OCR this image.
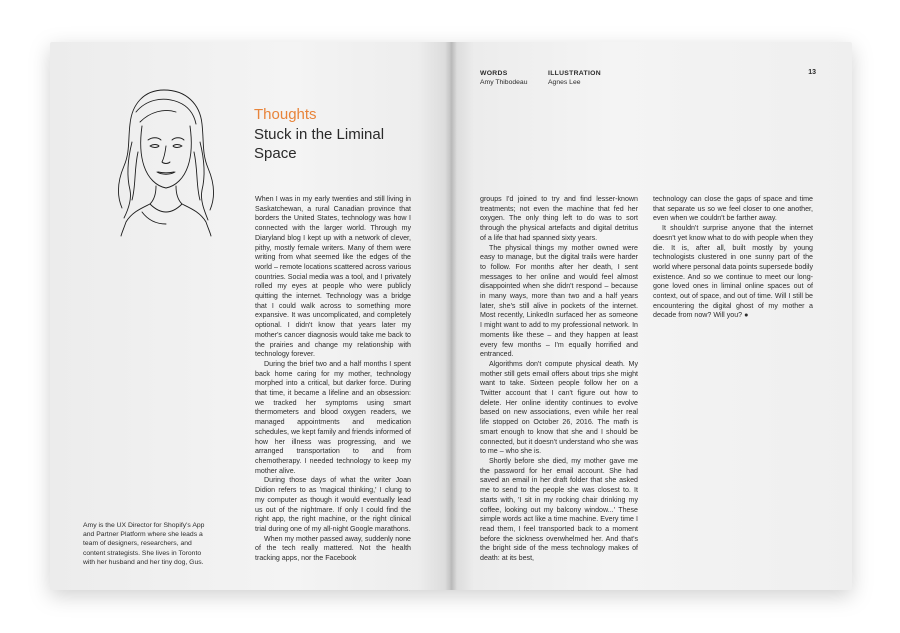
Thoughts
Stuck in the Liminal Space

When I was in my early twenties and still living in Saskatchewan, a rural Canadian province that borders the United States, technology was how I connected with the larger world. Through my Diaryland blog I kept up with a network of clever, pithy, mostly female writers. Many of them were writing from what seemed like the edges of the world – remote locations scattered across various countries. Social media was a tool, and I privately rolled my eyes at people who were publicly quitting the internet. Technology was a bridge that I could walk across to something more expansive. It was uncomplicated, and completely optional. I didn't know that years later my mother's cancer diagnosis would take me back to the prairies and change my relationship with technology forever.

During the brief two and a half months I spent back home caring for my mother, technology morphed into a critical, but darker force. During that time, it became a lifeline and an obsession: we tracked her symptoms using smart thermometers and blood oxygen readers, we managed appointments and medication schedules, we kept family and friends informed of how her illness was progressing, and we arranged transportation to and from chemotherapy. I needed technology to keep my mother alive.

During those days of what the writer Joan Didion refers to as 'magical thinking,' I clung to my computer as though it would eventually lead us out of the nightmare. If only I could find the right app, the right machine, or the right clinical trial during one of my all-night Google marathons.

When my mother passed away, suddenly none of the tech really mattered. Not the health tracking apps, nor the Facebook

Amy is the UX Director for Shopify's App and Partner Platform where she leads a team of designers, researchers, and content strategists. She lives in Toronto with her husband and her tiny dog, Gus.
WORDS
Amy Thibodeau
ILLUSTRATION
Agnes Lee
13

groups I'd joined to try and find lesser-known treatments; not even the machine that fed her oxygen. The only thing left to do was to sort through the physical artefacts and digital detritus of a life that had spanned sixty years.

The physical things my mother owned were easy to manage, but the digital trails were harder to follow. For months after her death, I sent messages to her online and would feel almost disappointed when she didn't respond – because in many ways, more than two and a half years later, she's still alive in pockets of the internet. Most recently, LinkedIn surfaced her as someone I might want to add to my professional network. In moments like these – and they happen at least every few months – I'm equally horrified and entranced.

Algorithms don't compute physical death. My mother still gets email offers about trips she might want to take. Sixteen people follow her on a Twitter account that I can't figure out how to delete. Her online identity continues to evolve based on new associations, even while her real life stopped on October 26, 2016. The math is smart enough to know that she and I should be connected, but it doesn't understand who she was to me – who she is.

Shortly before she died, my mother gave me the password for her email account. She had saved an email in her draft folder that she asked me to send to the people she was closest to. It starts with, 'I sit in my rocking chair drinking my coffee, looking out my balcony window...' These simple words act like a time machine. Every time I read them, I feel transported back to a moment before the sickness overwhelmed her. And that's the bright side of the mess technology makes of death: at its best,

technology can close the gaps of space and time that separate us so we feel closer to one another, even when we couldn't be farther away.

It shouldn't surprise anyone that the internet doesn't yet know what to do with people when they die. It is, after all, built mostly by young technologists clustered in one sunny part of the world where personal data points supersede bodily existence. And so we continue to meet our long-gone loved ones in liminal online spaces out of context, out of space, and out of time. Will I still be encountering the digital ghost of my mother a decade from now? Will you? ●
